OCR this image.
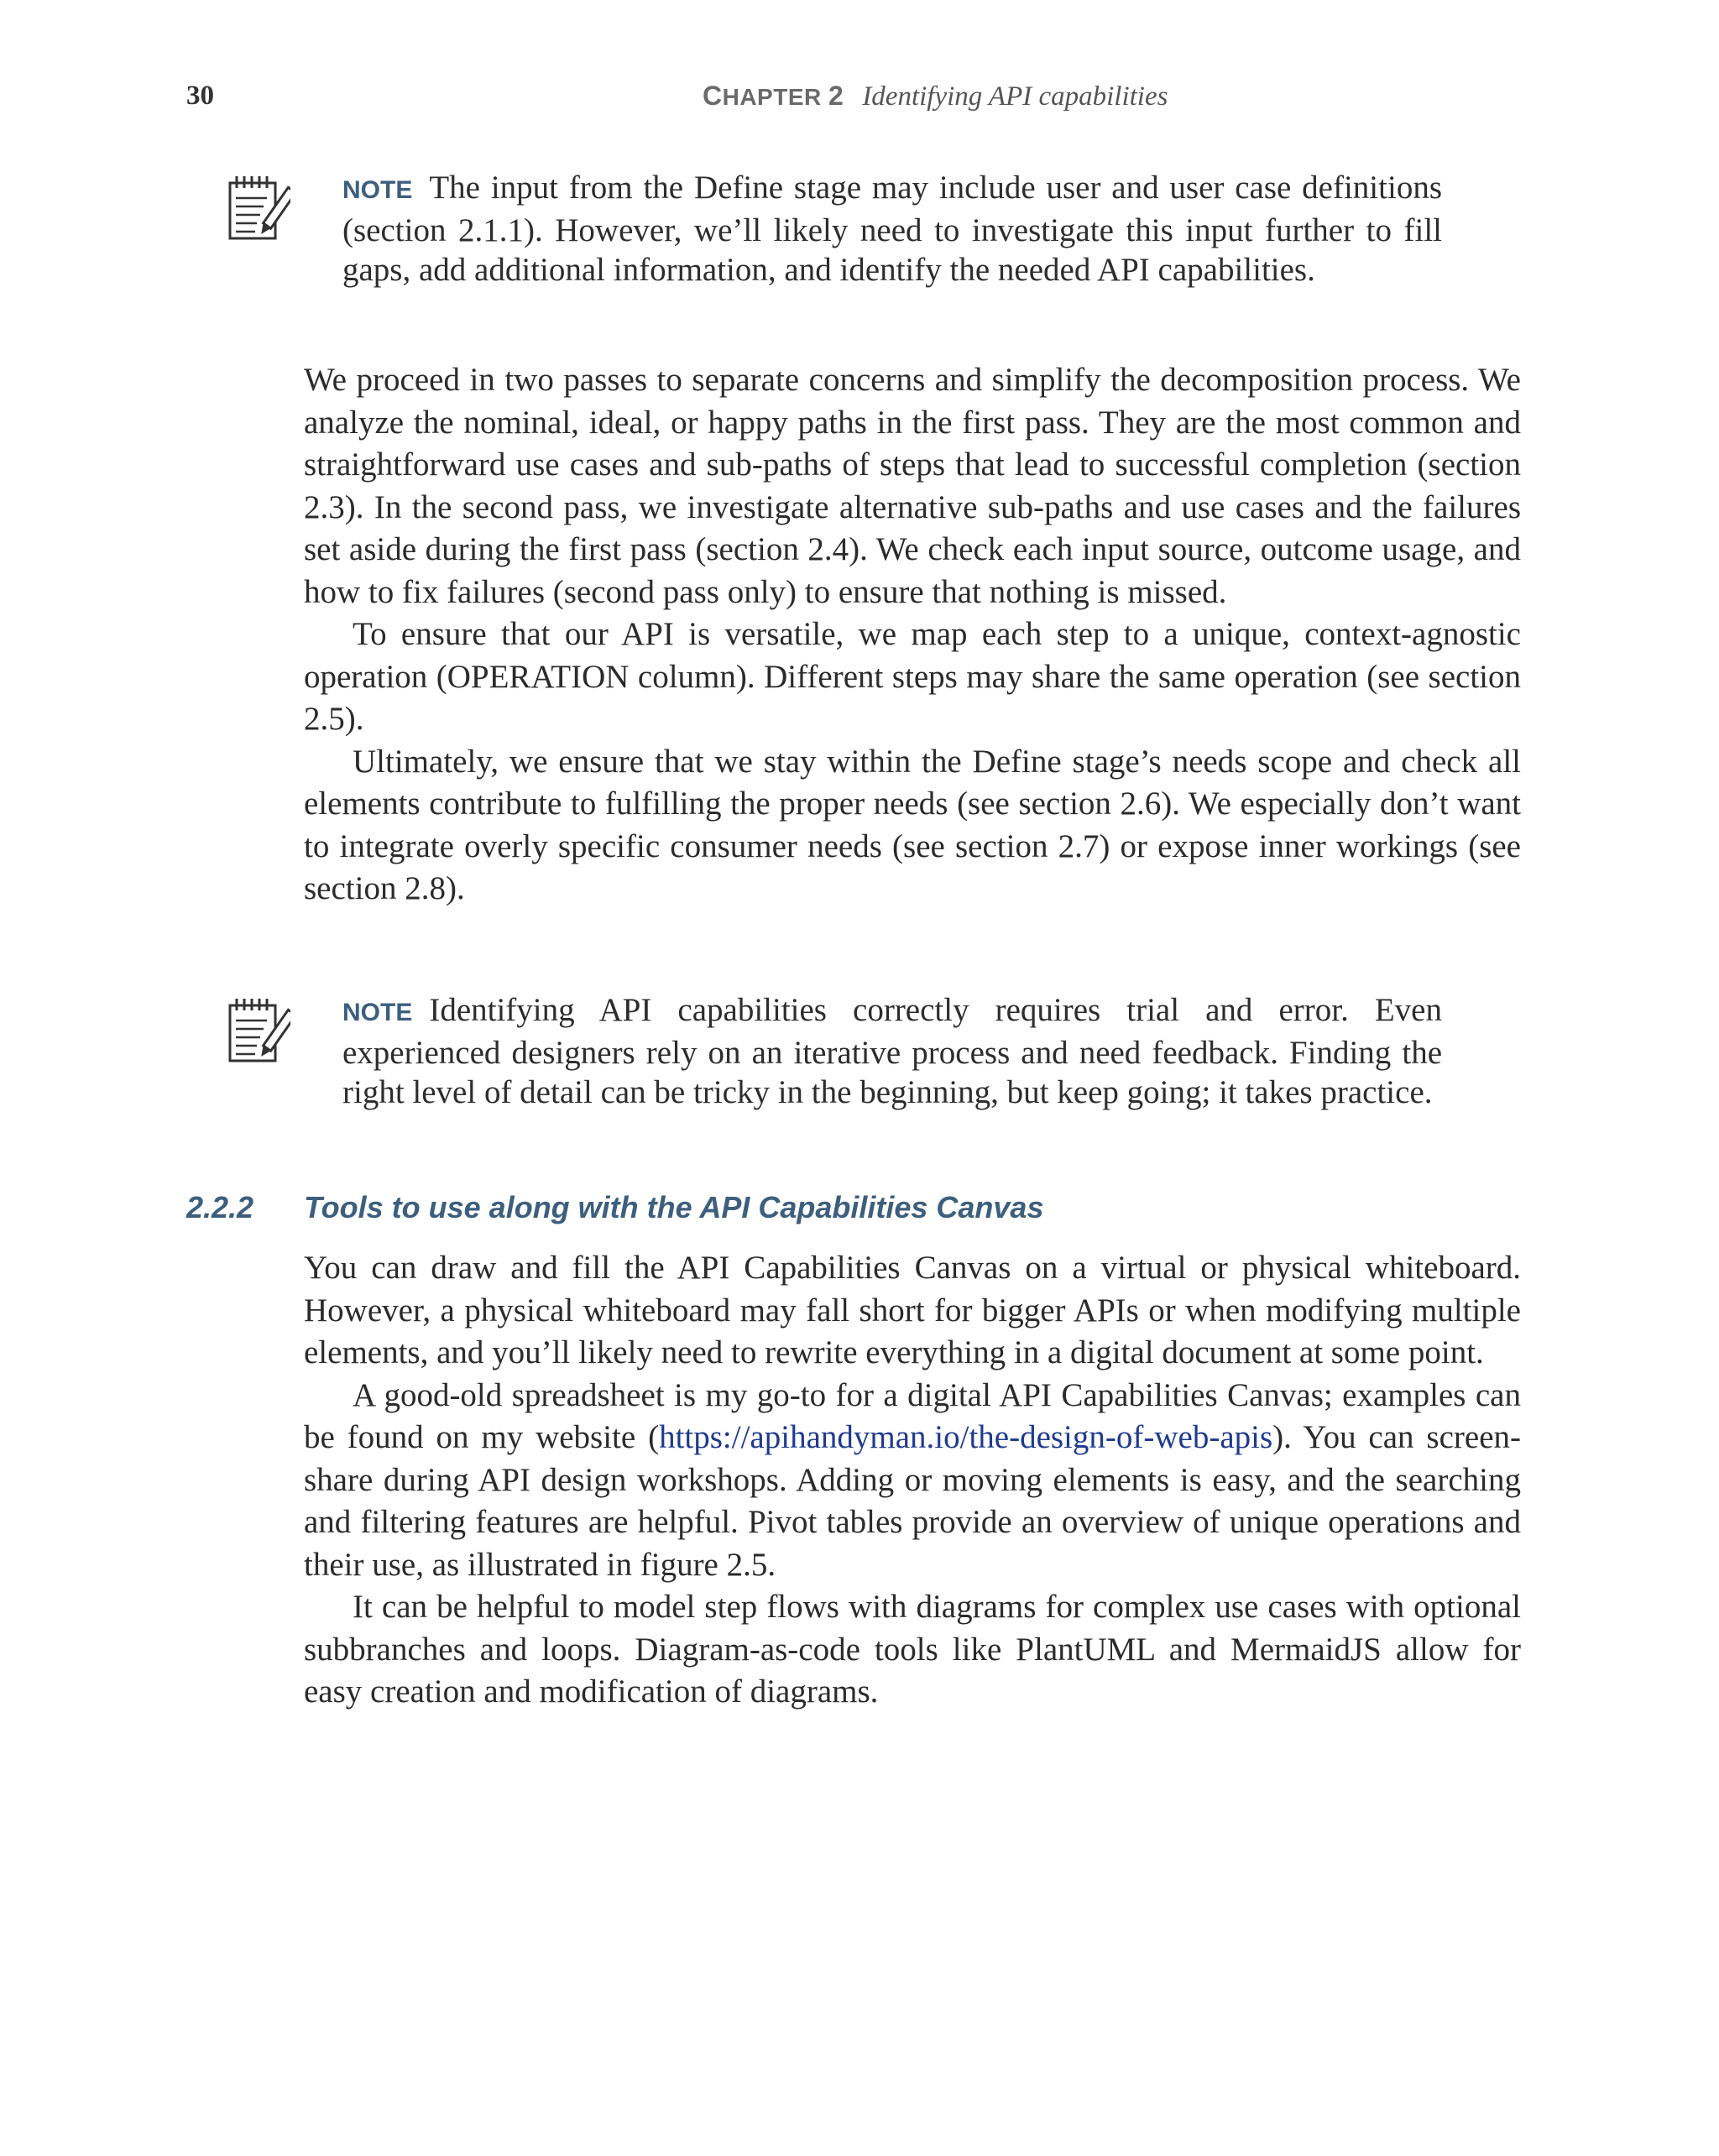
30	CHAPTER 2 Identifying API capabilities
NOTE The input from the Define stage may include user and user case definitions (section 2.1.1). However, we’ll likely need to investigate this input further to fill gaps, add additional information, and identify the needed API capabilities.

We proceed in two passes to separate concerns and simplify the decomposition process. We analyze the nominal, ideal, or happy paths in the first pass. They are the most common and straightforward use cases and sub-paths of steps that lead to successful completion (section 2.3). In the second pass, we investigate alternative sub-paths and use cases and the failures set aside during the first pass (section 2.4). We check each input source, outcome usage, and how to fix failures (second pass only) to ensure that nothing is missed.

To ensure that our API is versatile, we map each step to a unique, context-agnostic operation (OPERATION column). Different steps may share the same operation (see section 2.5).

Ultimately, we ensure that we stay within the Define stage’s needs scope and check all elements contribute to fulfilling the proper needs (see section 2.6). We especially don’t want to integrate overly specific consumer needs (see section 2.7) or expose inner workings (see section 2.8).

NOTE Identifying API capabilities correctly requires trial and error. Even experienced designers rely on an iterative process and need feedback. Finding the right level of detail can be tricky in the beginning, but keep going; it takes practice.
2.2.2 Tools to use along with the API Capabilities Canvas

You can draw and fill the API Capabilities Canvas on a virtual or physical whiteboard. However, a physical whiteboard may fall short for bigger APIs or when modifying multiple elements, and you’ll likely need to rewrite everything in a digital document at some point.

A good-old spreadsheet is my go-to for a digital API Capabilities Canvas; examples can be found on my website (https://apihandyman.io/the-design-of-web-apis). You can screen-share during API design workshops. Adding or moving elements is easy, and the searching and filtering features are helpful. Pivot tables provide an overview of unique operations and their use, as illustrated in figure 2.5.

It can be helpful to model step flows with diagrams for complex use cases with optional subbranches and loops. Diagram-as-code tools like PlantUML and MermaidJS allow for easy creation and modification of diagrams.
